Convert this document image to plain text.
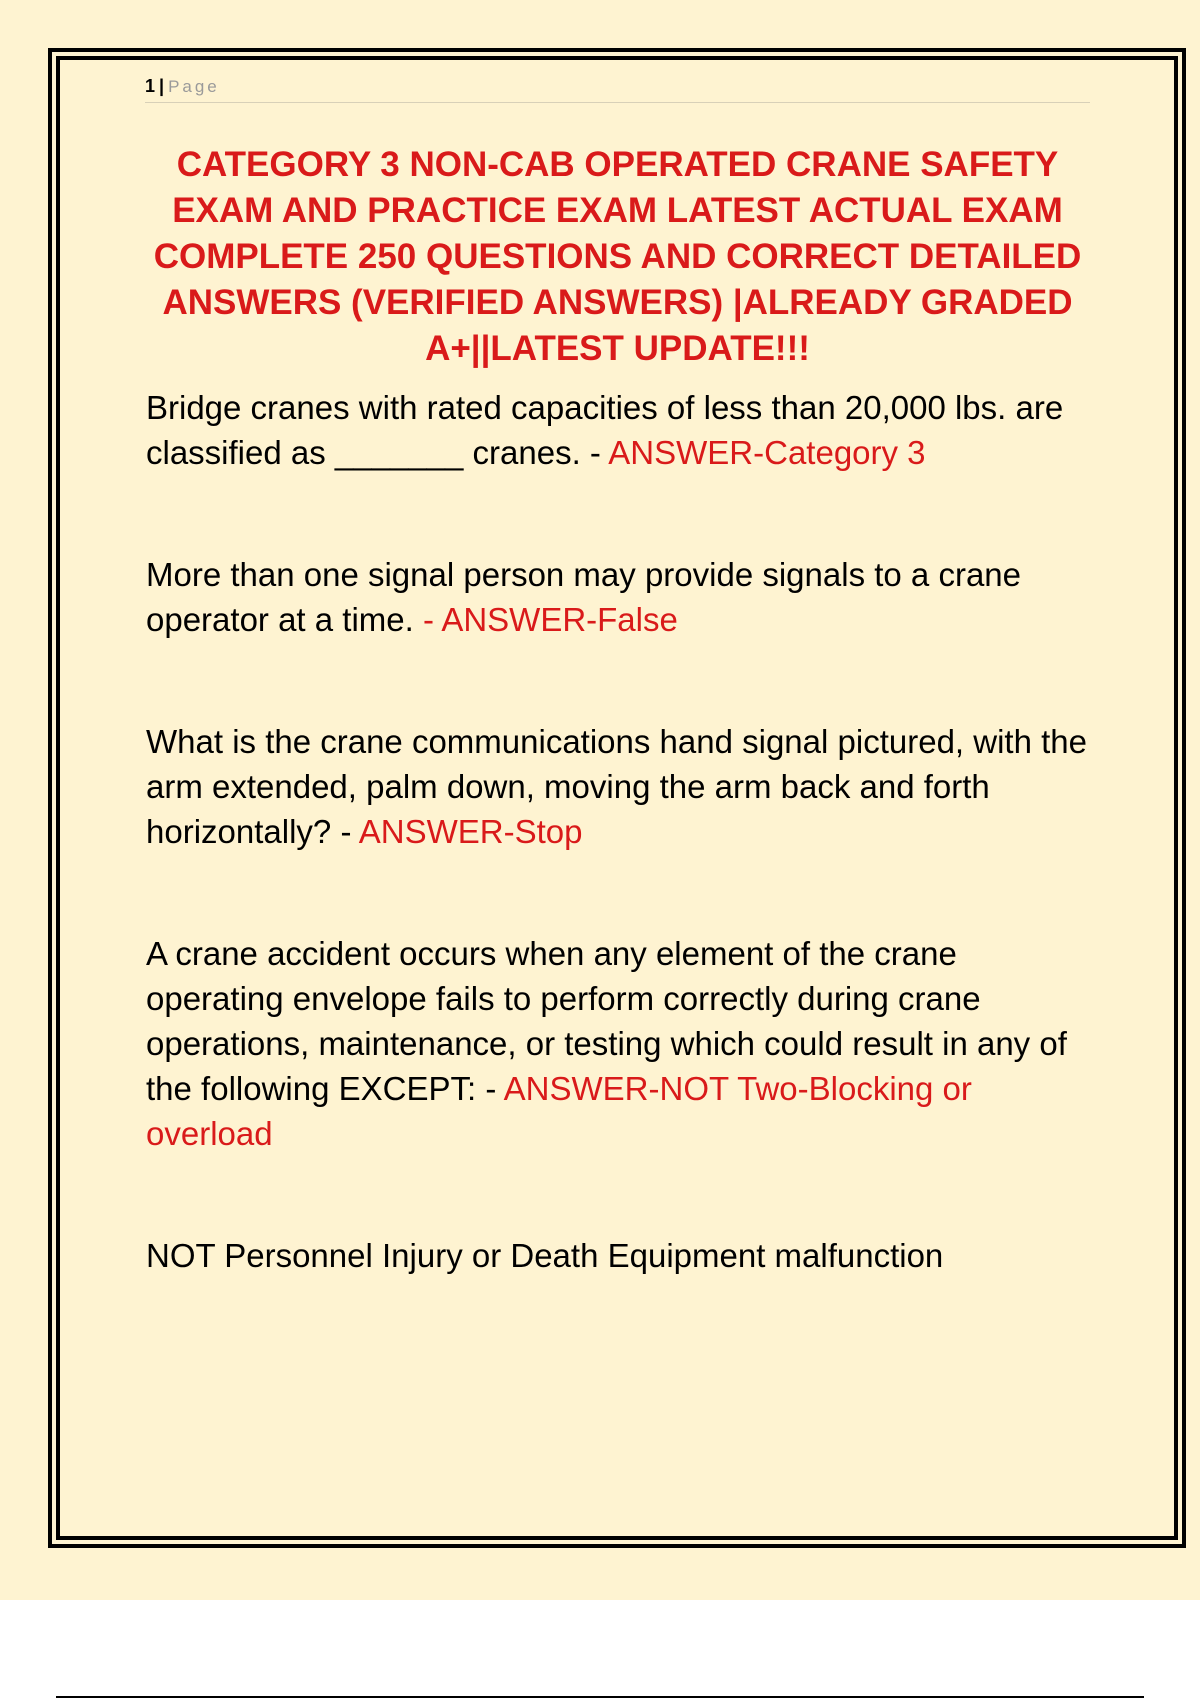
1 | Page
CATEGORY 3 NON-CAB OPERATED CRANE SAFETY EXAM AND PRACTICE EXAM LATEST ACTUAL EXAM COMPLETE 250 QUESTIONS AND CORRECT DETAILED ANSWERS (VERIFIED ANSWERS) |ALREADY GRADED A+||LATEST UPDATE!!!

Bridge cranes with rated capacities of less than 20,000 lbs. are classified as _______ cranes. - ANSWER-Category 3

More than one signal person may provide signals to a crane operator at a time. - ANSWER-False

What is the crane communications hand signal pictured, with the arm extended, palm down, moving the arm back and forth horizontally? - ANSWER-Stop

A crane accident occurs when any element of the crane operating envelope fails to perform correctly during crane operations, maintenance, or testing which could result in any of the following EXCEPT: - ANSWER-NOT Two-Blocking or overload

NOT Personnel Injury or Death Equipment malfunction
